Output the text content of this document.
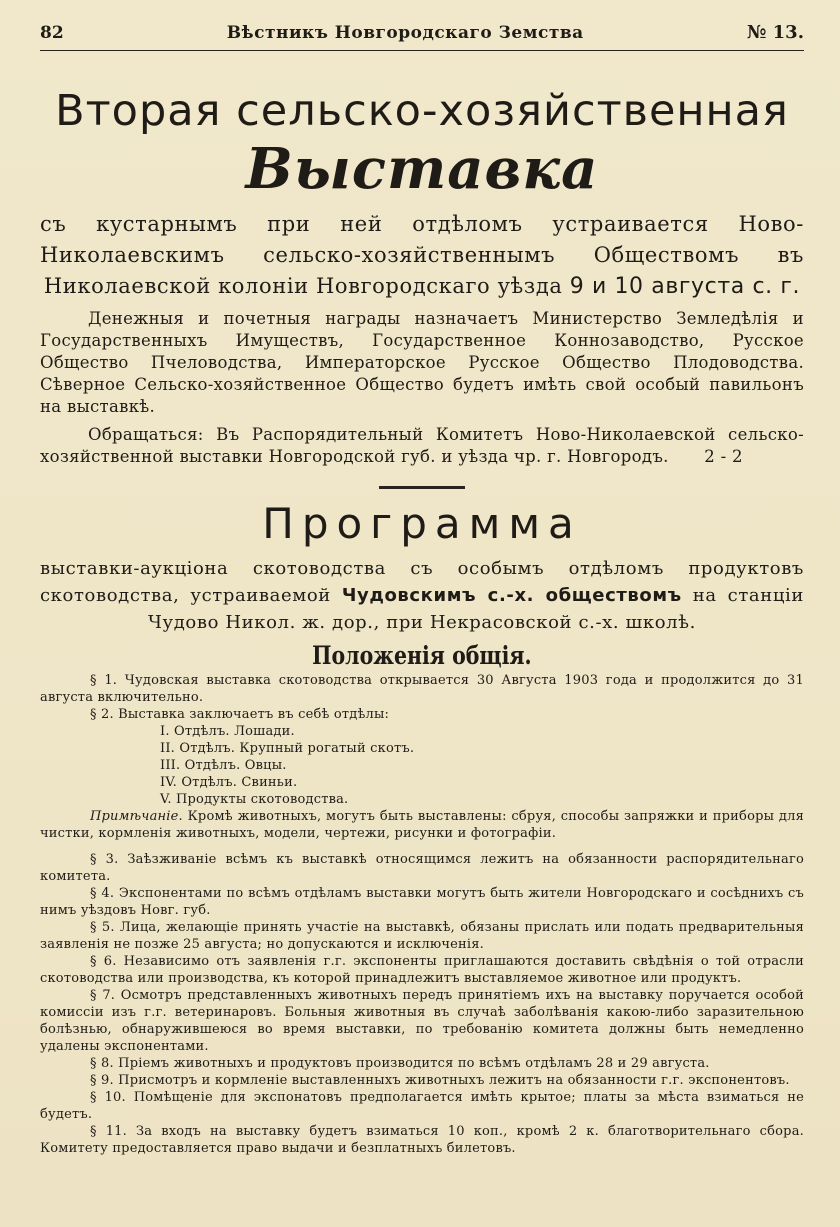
82	Вѣстникъ Новгородскаго Земства	№ 13.
Вторая сельско-хозяйственная
Выставка

съ кустарнымъ при ней отдѣломъ устраивается Ново-Николаевскимъ сельско-хозяйственнымъ Обществомъ въ Николаевской колонiи Новгородскаго уѣзда 9 и 10 августа с. г.

Денежныя и почетныя награды назначаетъ Министерство Земледѣлiя и Государственныхъ Имуществъ, Государственное Коннозаводство, Русское Общество Пчеловодства, Императорское Русское Общество Плодоводства. Сѣверное Сельско-хозяйственное Общество будетъ имѣть свой особый павильонъ на выставкѣ.

Обращаться: Въ Распорядительный Комитетъ Ново-Николаевской сельско-хозяйственной выставки Новгородской губ. и уѣзда чр. г. Новгородъ. 2 - 2

Программа

выставки-аукцiона скотоводства съ особымъ отдѣломъ продуктовъ скотоводства, устраиваемой Чудовскимъ с.-х. обществомъ на станцiи Чудово Никол. ж. дор., при Некрасовской с.-х. школѣ.

Положенiя общiя.

§ 1. Чудовская выставка скотоводства открывается 30 Августа 1903 года и продолжится до 31 августа включительно.

§ 2. Выставка заключаетъ въ себѣ отдѣлы:

I. Отдѣлъ. Лошади.
II. Отдѣлъ. Крупный рогатый скотъ.
III. Отдѣлъ. Овцы.
IV. Отдѣлъ. Свиньи.
V. Продукты скотоводства.

Примѣчанiе. Кромѣ животныхъ, могутъ быть выставлены: сбруя, способы запряжки и приборы для чистки, кормленiя животныхъ, модели, чертежи, рисунки и фотографiи.

§ 3. Заѣзживанiе всѣмъ къ выставкѣ относящимся лежитъ на обязанности распорядительнаго комитета.

§ 4. Экспонентами по всѣмъ отдѣламъ выставки могутъ быть жители Новгородскаго и сосѣднихъ съ нимъ уѣздовъ Новг. губ.

§ 5. Лица, желающiе принять участiе на выставкѣ, обязаны прислать или подать предварительныя заявленiя не позже 25 августа; но допускаются и исключенiя.

§ 6. Независимо отъ заявленiя г.г. экспоненты приглашаются доставить свѣдѣнiя о той отрасли скотоводства или производства, къ которой принадлежитъ выставляемое животное или продуктъ.

§ 7. Осмотръ представленныхъ животныхъ передъ принятiемъ ихъ на выставку поручается особой комиссiи изъ г.г. ветеринаровъ. Больныя животныя въ случаѣ заболѣванiя какою-либо заразительною болѣзнью, обнаружившеюся во время выставки, по требованiю комитета должны быть немедленно удалены экспонентами.

§ 8. Прiемъ животныхъ и продуктовъ производится по всѣмъ отдѣламъ 28 и 29 августа.

§ 9. Присмотръ и кормленiе выставленныхъ животныхъ лежитъ на обязанности г.г. экспонентовъ.

§ 10. Помѣщенiе для экспонатовъ предполагается имѣть крытое; платы за мѣста взиматься не будетъ.

§ 11. За входъ на выставку будетъ взиматься 10 коп., кромѣ 2 к. благотворительнаго сбора. Комитету предоставляется право выдачи и безплатныхъ билетовъ.
